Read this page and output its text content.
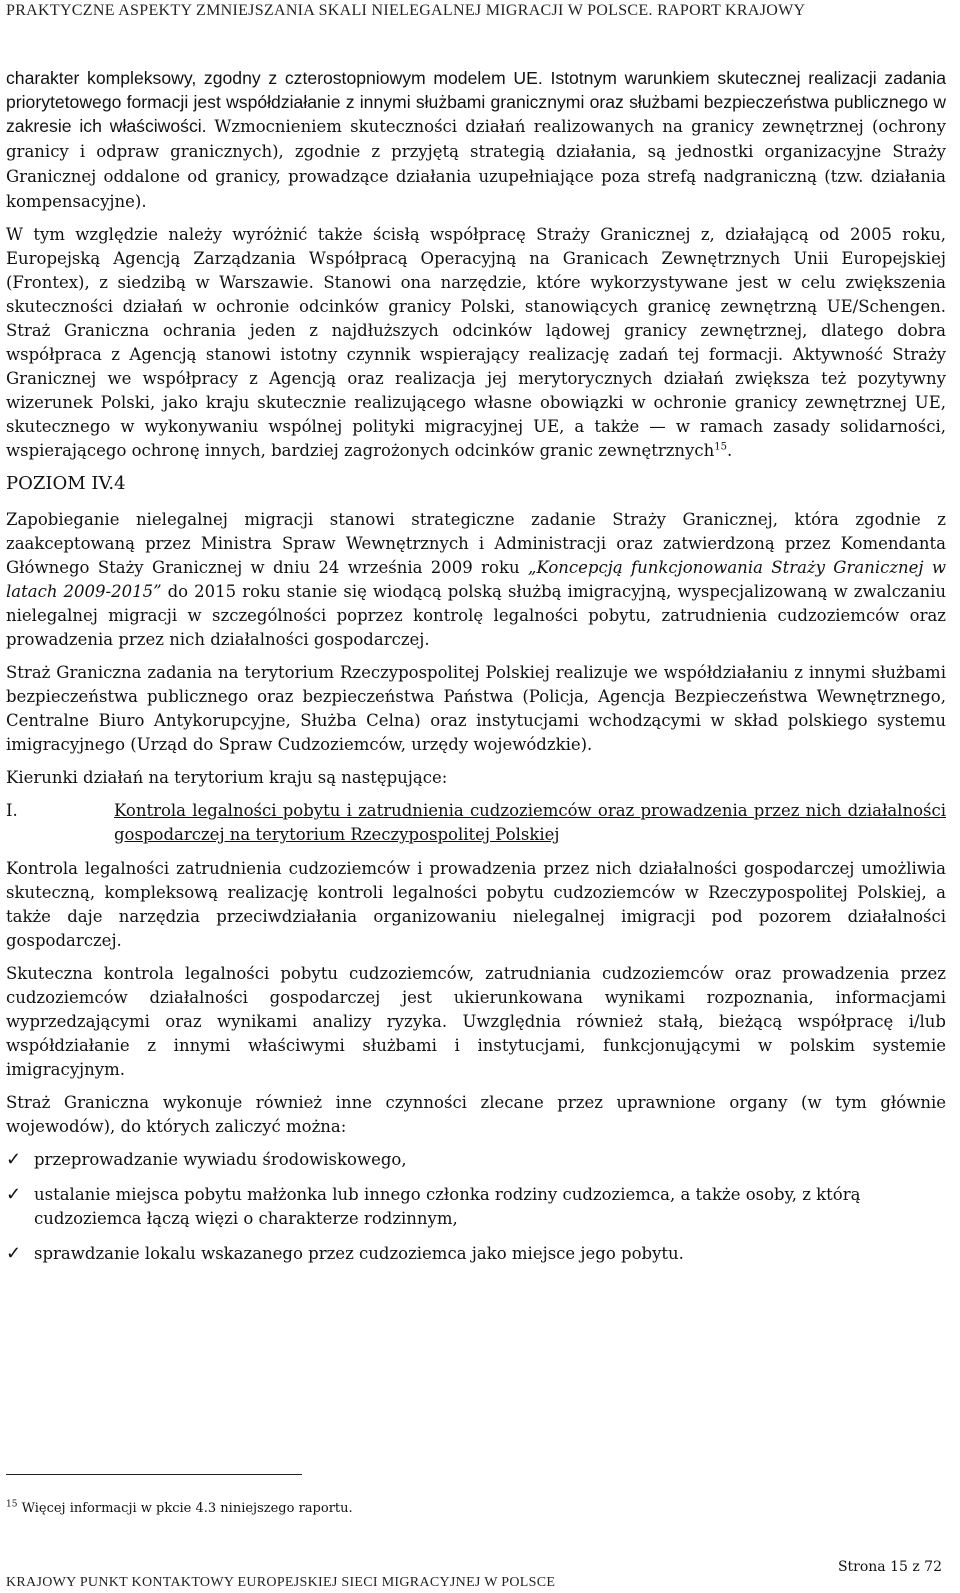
PRAKTYCZNE ASPEKTY ZMNIEJSZANIA SKALI NIELEGALNEJ MIGRACJI W POLSCE. RAPORT KRAJOWY

charakter kompleksowy, zgodny z czterostopniowym modelem UE. Istotnym warunkiem skutecznej realizacji zadania priorytetowego formacji jest współdziałanie z innymi służbami granicznymi oraz służbami bezpieczeństwa publicznego w zakresie ich właściwości. Wzmocnieniem skuteczności działań realizowanych na granicy zewnętrznej (ochrony granicy i odpraw granicznych), zgodnie z przyjętą strategią działania, są jednostki organizacyjne Straży Granicznej oddalone od granicy, prowadzące działania uzupełniające poza strefą nadgraniczną (tzw. działania kompensacyjne).

W tym względzie należy wyróżnić także ścisłą współpracę Straży Granicznej z, działającą od 2005 roku, Europejską Agencją Zarządzania Współpracą Operacyjną na Granicach Zewnętrznych Unii Europejskiej (Frontex), z siedzibą w Warszawie. Stanowi ona narzędzie, które wykorzystywane jest w celu zwiększenia skuteczności działań w ochronie odcinków granicy Polski, stanowiących granicę zewnętrzną UE/Schengen. Straż Graniczna ochrania jeden z najdłuższych odcinków lądowej granicy zewnętrznej, dlatego dobra współpraca z Agencją stanowi istotny czynnik wspierający realizację zadań tej formacji. Aktywność Straży Granicznej we współpracy z Agencją oraz realizacja jej merytorycznych działań zwiększa też pozytywny wizerunek Polski, jako kraju skutecznie realizującego własne obowiązki w ochronie granicy zewnętrznej UE, skutecznego w wykonywaniu wspólnej polityki migracyjnej UE, a także — w ramach zasady solidarności, wspierającego ochronę innych, bardziej zagrożonych odcinków granic zewnętrznych$^{15}$.

POZIOM IV.4

Zapobieganie nielegalnej migracji stanowi strategiczne zadanie Straży Granicznej, która zgodnie z zaakceptowaną przez Ministra Spraw Wewnętrznych i Administracji oraz zatwierdzoną przez Komendanta Głównego Staży Granicznej w dniu 24 września 2009 roku „Koncepcją funkcjonowania Straży Granicznej w latach 2009-2015” do 2015 roku stanie się wiodącą polską służbą imigracyjną, wyspecjalizowaną w zwalczaniu nielegalnej migracji w szczególności poprzez kontrolę legalności pobytu, zatrudnienia cudzoziemców oraz prowadzenia przez nich działalności gospodarczej.

Straż Graniczna zadania na terytorium Rzeczypospolitej Polskiej realizuje we współdziałaniu z innymi służbami bezpieczeństwa publicznego oraz bezpieczeństwa Państwa (Policja, Agencja Bezpieczeństwa Wewnętrznego, Centralne Biuro Antykorupcyjne, Służba Celna) oraz instytucjami wchodzącymi w skład polskiego systemu imigracyjnego (Urząd do Spraw Cudzoziemców, urzędy wojewódzkie).

Kierunki działań na terytorium kraju są następujące:

I.	Kontrola legalności pobytu i zatrudnienia cudzoziemców oraz prowadzenia przez nich działalności gospodarczej na terytorium Rzeczypospolitej Polskiej

Kontrola legalności zatrudnienia cudzoziemców i prowadzenia przez nich działalności gospodarczej umożliwia skuteczną, kompleksową realizację kontroli legalności pobytu cudzoziemców w Rzeczypospolitej Polskiej, a także daje narzędzia przeciwdziałania organizowaniu nielegalnej imigracji pod pozorem działalności gospodarczej.

Skuteczna kontrola legalności pobytu cudzoziemców, zatrudniania cudzoziemców oraz prowadzenia przez cudzoziemców działalności gospodarczej jest ukierunkowana wynikami rozpoznania, informacjami wyprzedzającymi oraz wynikami analizy ryzyka. Uwzględnia również stałą, bieżącą współpracę i/lub współdziałanie z innymi właściwymi służbami i instytucjami, funkcjonującymi w polskim systemie imigracyjnym.

Straż Graniczna wykonuje również inne czynności zlecane przez uprawnione organy (w tym głównie wojewodów), do których zaliczyć można:

✓ przeprowadzanie wywiadu środowiskowego,
✓ ustalanie miejsca pobytu małżonka lub innego członka rodziny cudzoziemca, a także osoby, z którą cudzoziemca łączą więzi o charakterze rodzinnym,
✓ sprawdzanie lokalu wskazanego przez cudzoziemca jako miejsce jego pobytu.
$^{15}$ Więcej informacji w pkcie 4.3 niniejszego raportu.
Strona 15 z 72
KRAJOWY PUNKT KONTAKTOWY EUROPEJSKIEJ SIECI MIGRACYJNEJ W POLSCE
